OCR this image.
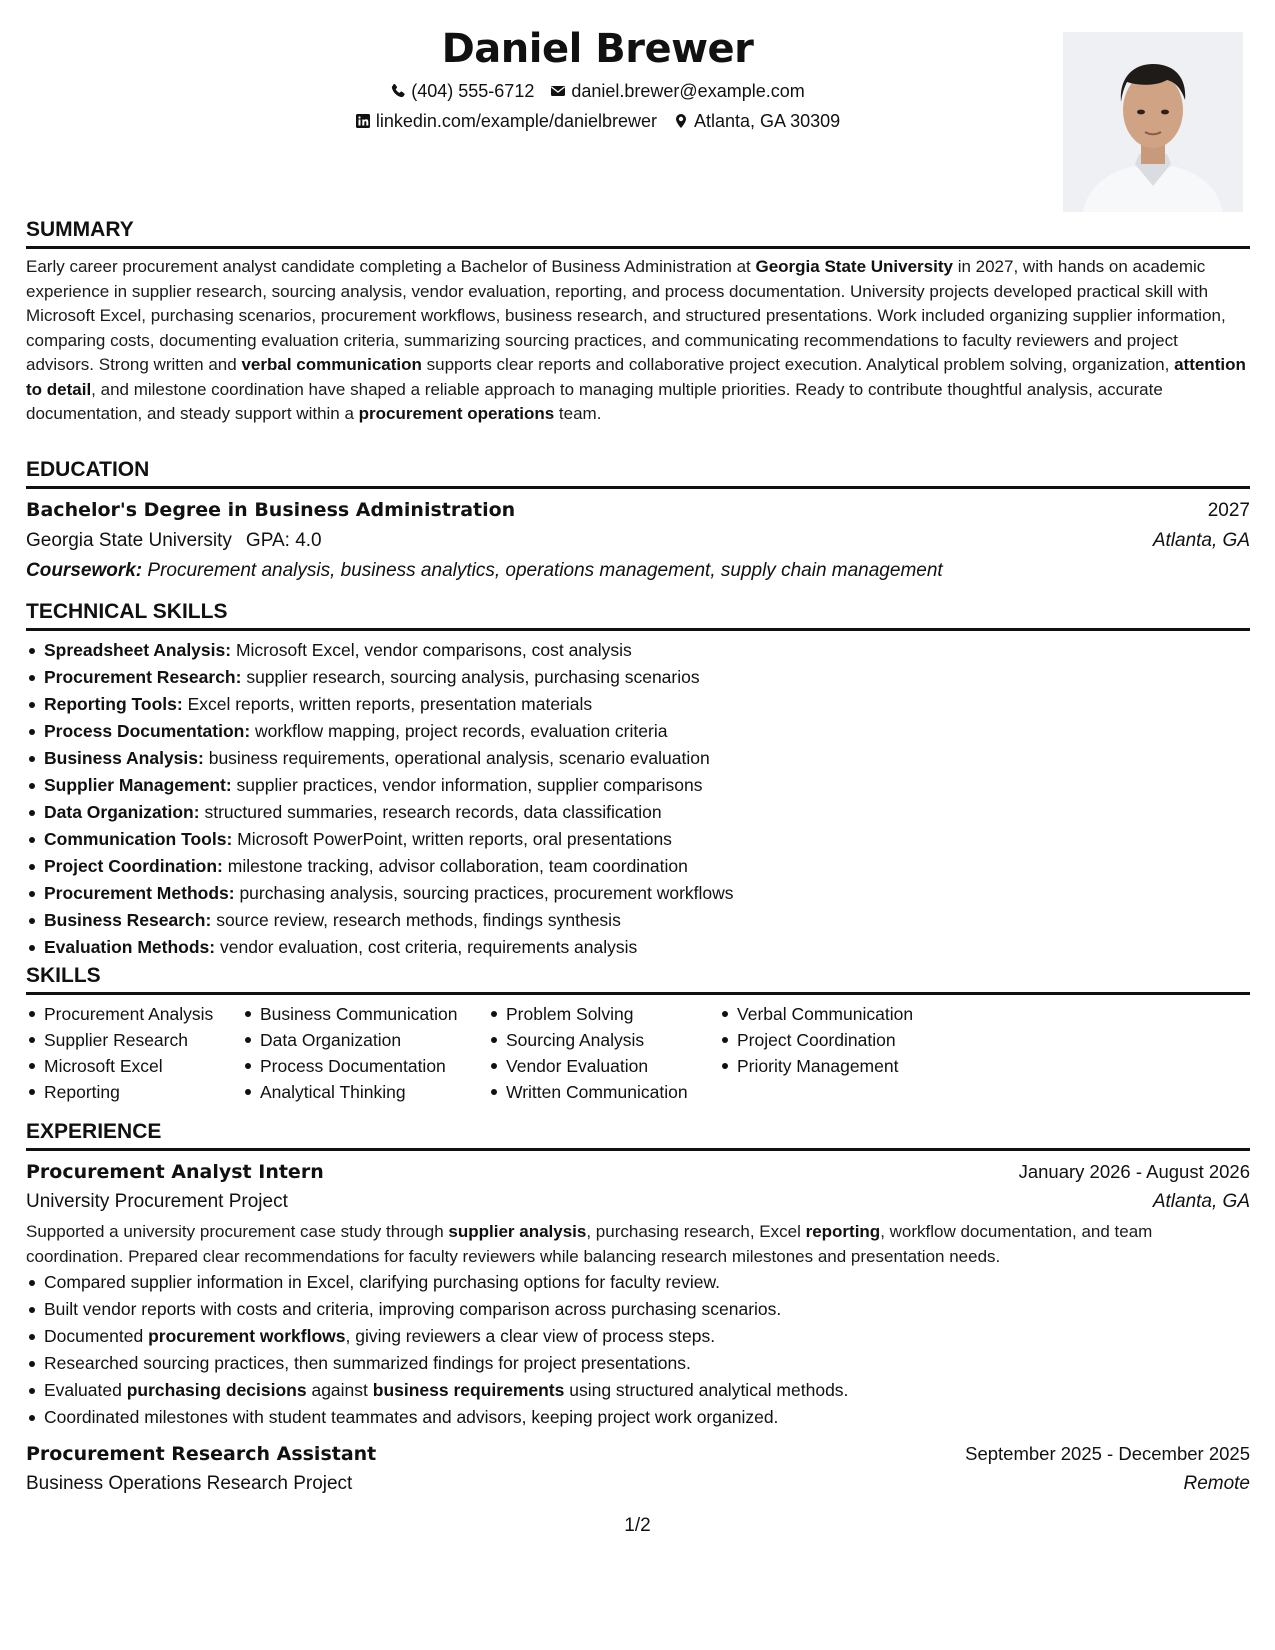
Daniel Brewer
(404) 555-6712 daniel.brewer@example.com
linkedin.com/example/danielbrewer Atlanta, GA 30309
SUMMARY
Early career procurement analyst candidate completing a Bachelor of Business Administration at Georgia State University in 2027, with hands on academic experience in supplier research, sourcing analysis, vendor evaluation, reporting, and process documentation. University projects developed practical skill with Microsoft Excel, purchasing scenarios, procurement workflows, business research, and structured presentations. Work included organizing supplier information, comparing costs, documenting evaluation criteria, summarizing sourcing practices, and communicating recommendations to faculty reviewers and project advisors. Strong written and verbal communication supports clear reports and collaborative project execution. Analytical problem solving, organization, attention to detail, and milestone coordination have shaped a reliable approach to managing multiple priorities. Ready to contribute thoughtful analysis, accurate documentation, and steady support within a procurement operations team.
EDUCATION
Bachelor's Degree in Business Administration	2027
Georgia State University GPA: 4.0	Atlanta, GA
Coursework: Procurement analysis, business analytics, operations management, supply chain management
TECHNICAL SKILLS
Spreadsheet Analysis: Microsoft Excel, vendor comparisons, cost analysis
Procurement Research: supplier research, sourcing analysis, purchasing scenarios
Reporting Tools: Excel reports, written reports, presentation materials
Process Documentation: workflow mapping, project records, evaluation criteria
Business Analysis: business requirements, operational analysis, scenario evaluation
Supplier Management: supplier practices, vendor information, supplier comparisons
Data Organization: structured summaries, research records, data classification
Communication Tools: Microsoft PowerPoint, written reports, oral presentations
Project Coordination: milestone tracking, advisor collaboration, team coordination
Procurement Methods: purchasing analysis, sourcing practices, procurement workflows
Business Research: source review, research methods, findings synthesis
Evaluation Methods: vendor evaluation, cost criteria, requirements analysis
SKILLS
Procurement Analysis
Supplier Research
Microsoft Excel
Reporting
Business Communication
Data Organization
Process Documentation
Analytical Thinking
Problem Solving
Sourcing Analysis
Vendor Evaluation
Written Communication
Verbal Communication
Project Coordination
Priority Management
EXPERIENCE
Procurement Analyst Intern	January 2026 - August 2026
University Procurement Project	Atlanta, GA
Supported a university procurement case study through supplier analysis, purchasing research, Excel reporting, workflow documentation, and team coordination. Prepared clear recommendations for faculty reviewers while balancing research milestones and presentation needs.
Compared supplier information in Excel, clarifying purchasing options for faculty review.
Built vendor reports with costs and criteria, improving comparison across purchasing scenarios.
Documented procurement workflows, giving reviewers a clear view of process steps.
Researched sourcing practices, then summarized findings for project presentations.
Evaluated purchasing decisions against business requirements using structured analytical methods.
Coordinated milestones with student teammates and advisors, keeping project work organized.
Procurement Research Assistant	September 2025 - December 2025
Business Operations Research Project	Remote
1/2
